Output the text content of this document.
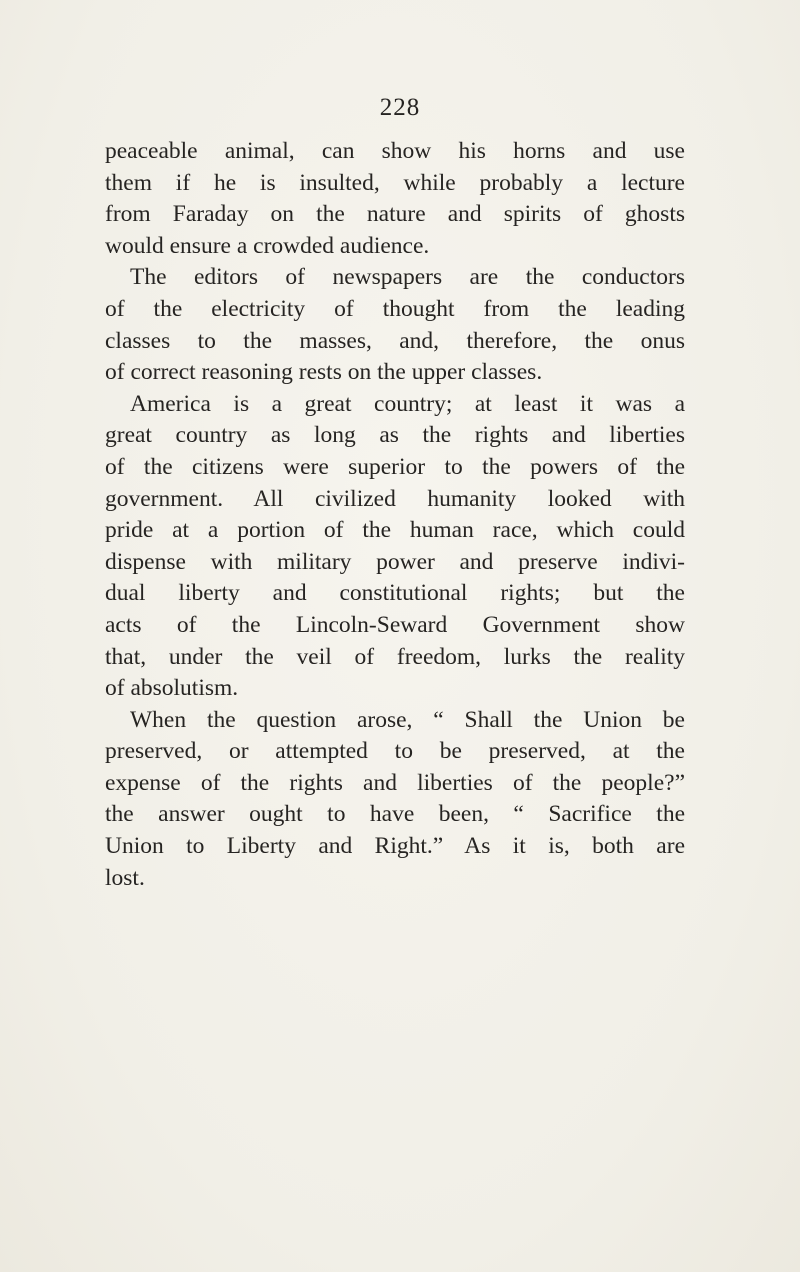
228
peaceable animal, can show his horns and use
them if he is insulted, while probably a lecture
from Faraday on the nature and spirits of ghosts
would ensure a crowded audience.
The editors of newspapers are the conductors
of the electricity of thought from the leading
classes to the masses, and, therefore, the onus
of correct reasoning rests on the upper classes.
America is a great country; at least it was a
great country as long as the rights and liberties
of the citizens were superior to the powers of the
government. All civilized humanity looked with
pride at a portion of the human race, which could
dispense with military power and preserve indivi-
dual liberty and constitutional rights; but the
acts of the Lincoln-Seward Government show
that, under the veil of freedom, lurks the reality
of absolutism.
When the question arose, “ Shall the Union be
preserved, or attempted to be preserved, at the
expense of the rights and liberties of the people?”
the answer ought to have been, “ Sacrifice the
Union to Liberty and Right.” As it is, both are
lost.
